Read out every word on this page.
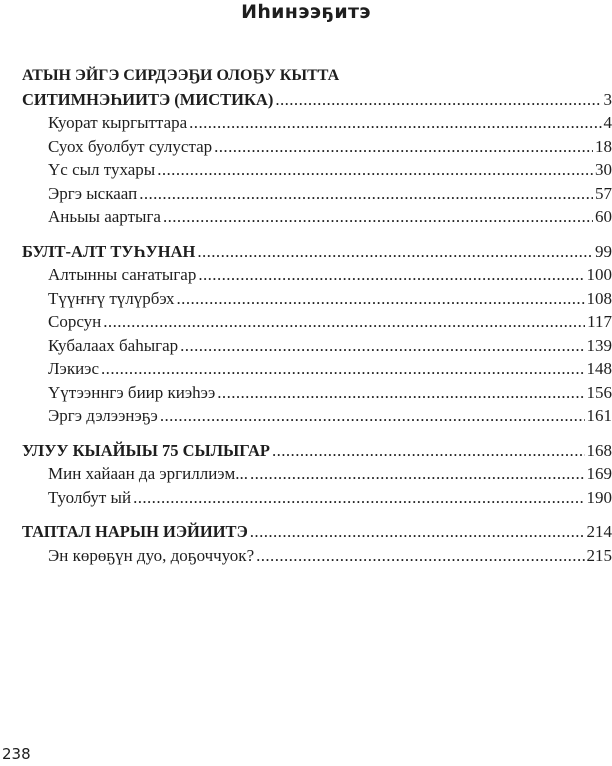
Иһинээҕитэ
АТЫН ЭЙГЭ СИРДЭЭҔИ ОЛОҔУ КЫТТА
СИТИМНЭҺИИТЭ (МИСТИКА) .....	3
Куорат кыргыттара .....	4
Суох буолбут сулустар .....	18
Үс сыл тухары .....	30
Эргэ ыскаап .....	57
Аньыы аартыга .....	60
БУЛТ-АЛТ ТУҺУНАН .....	99
Алтынны саҥатыгар .....	100
Түүҥҥү түлүрбэх .....	108
Сорсун .....	117
Кубалаах баһыгар .....	139
Лэкиэс .....	148
Үүтээннгэ биир киэһээ .....	156
Эргэ дэлээнэҕэ .....	161
УЛУУ КЫАЙЫЫ 75 СЫЛЫГАР .....	168
Мин хайаан да эргиллиэм... .....	169
Туолбут ый .....	190
ТАПТАЛ НАРЫН ИЭЙИИТЭ .....	214
Эн көрөҕүн дуо, доҕоччуок? .....	215
238
